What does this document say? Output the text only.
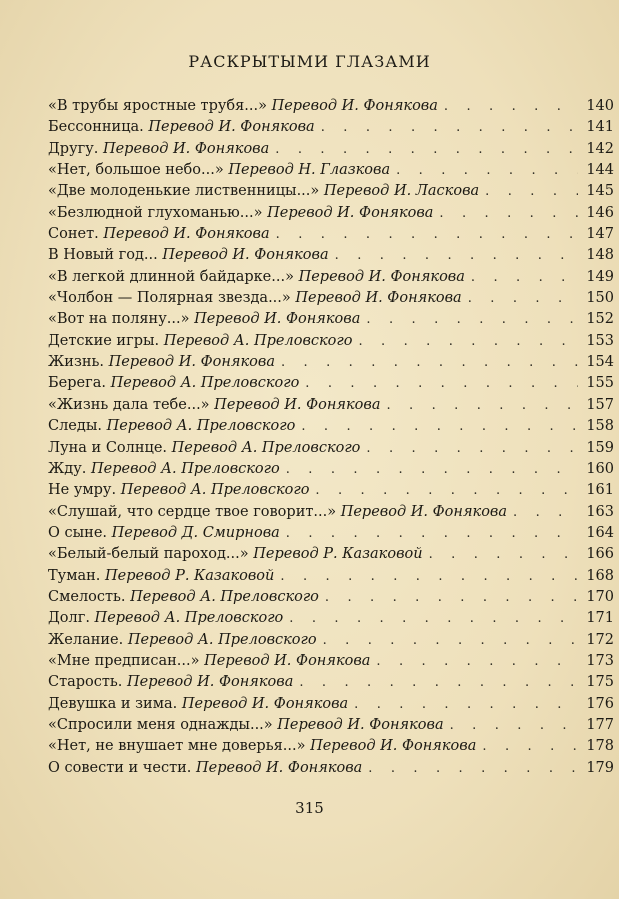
РАСКРЫТЫМИ ГЛАЗАМИ
«В трубы яростные трубя...» Перевод И. Фонякова . . .	140
Бессонница. Перевод И. Фонякова . . .	141
Другу. Перевод И. Фонякова . . .	142
«Нет, большое небо...» Перевод Н. Глазкова . . .	144
«Две молоденькие лиственницы...» Перевод И. Ласкова . . .	145
«Безлюдной глухоманью...» Перевод И. Фонякова . . .	146
Сонет. Перевод И. Фонякова . . .	147
В Новый год... Перевод И. Фонякова . . .	148
«В легкой длинной байдарке...» Перевод И. Фонякова . . .	149
«Чолбон — Полярная звезда...» Перевод И. Фонякова . . .	150
«Вот на поляну...» Перевод И. Фонякова . . .	152
Детские игры. Перевод А. Преловского . . .	153
Жизнь. Перевод И. Фонякова . . .	154
Берега. Перевод А. Преловского . . .	155
«Жизнь дала тебе...» Перевод И. Фонякова . . .	157
Следы. Перевод А. Преловского . . .	158
Луна и Солнце. Перевод А. Преловского . . .	159
Жду. Перевод А. Преловского . . .	160
Не умру. Перевод А. Преловского . . .	161
«Слушай, что сердце твое говорит...» Перевод И. Фонякова . . .	163
О сыне. Перевод Д. Смирнова . . .	164
«Белый-белый пароход...» Перевод Р. Казаковой . . .	166
Туман. Перевод Р. Казаковой . . .	168
Смелость. Перевод А. Преловского . . .	170
Долг. Перевод А. Преловского . . .	171
Желание. Перевод А. Преловского . . .	172
«Мне предписан...» Перевод И. Фонякова . . .	173
Старость. Перевод И. Фонякова . . .	175
Девушка и зима. Перевод И. Фонякова . . .	176
«Спросили меня однажды...» Перевод И. Фонякова . . .	177
«Нет, не внушает мне доверья...» Перевод И. Фонякова . . .	178
О совести и чести. Перевод И. Фонякова . . .	179
315
